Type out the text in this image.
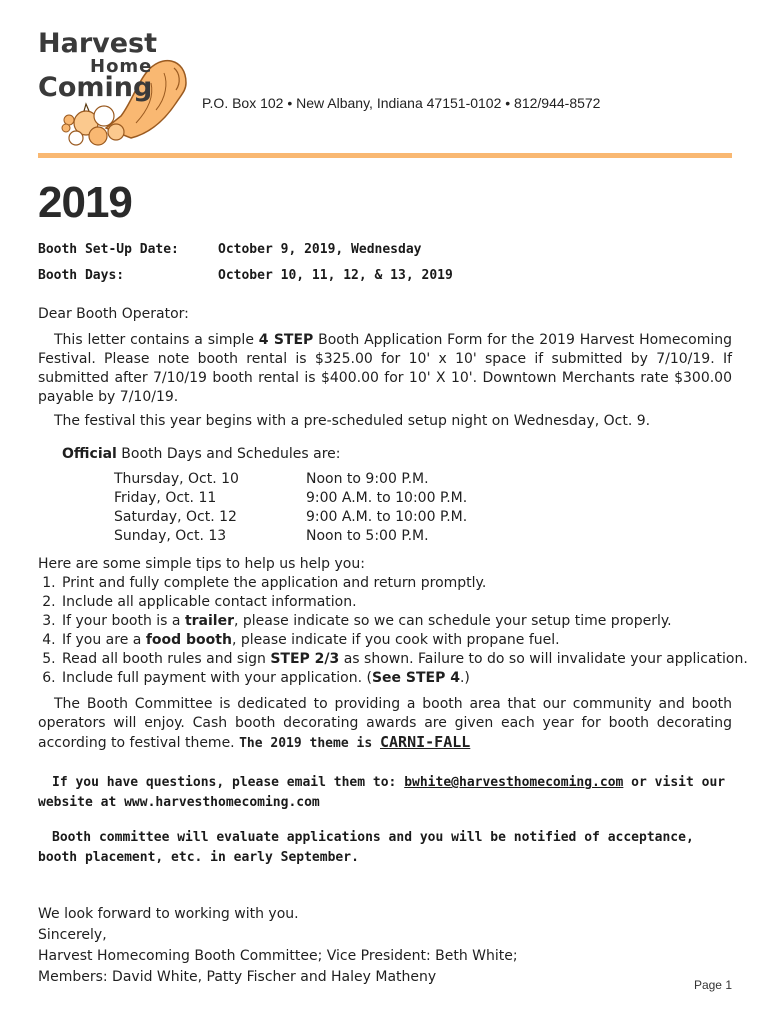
Harvest
Home
Coming	P.O. Box 102 • New Albany, Indiana 47151-0102 • 812/944-8572
2019
Booth Set-Up Date:	October 9, 2019, Wednesday
Booth Days:	October 10, 11, 12, & 13, 2019
Dear Booth Operator:
This letter contains a simple 4 STEP Booth Application Form for the 2019 Harvest Homecoming Festival. Please note booth rental is $325.00 for 10' x 10' space if submitted by 7/10/19. If submitted after 7/10/19 booth rental is $400.00 for 10' X 10'. Downtown Merchants rate $300.00 payable by 7/10/19.
The festival this year begins with a pre-scheduled setup night on Wednesday, Oct. 9.
Official Booth Days and Schedules are:
Thursday, Oct. 10	Noon to 9:00 P.M.
Friday, Oct. 11	9:00 A.M. to 10:00 P.M.
Saturday, Oct. 12	9:00 A.M. to 10:00 P.M.
Sunday, Oct. 13	Noon to 5:00 P.M.
Here are some simple tips to help us help you:
1. Print and fully complete the application and return promptly.
2. Include all applicable contact information.
3. If your booth is a trailer, please indicate so we can schedule your setup time properly.
4. If you are a food booth, please indicate if you cook with propane fuel.
5. Read all booth rules and sign STEP 2/3 as shown. Failure to do so will invalidate your application.
6. Include full payment with your application. (See STEP 4.)
The Booth Committee is dedicated to providing a booth area that our community and booth operators will enjoy. Cash booth decorating awards are given each year for booth decorating according to festival theme. The 2019 theme is CARNI-FALL
If you have questions, please email them to: bwhite@harvesthomecoming.com or visit our website at www.harvesthomecoming.com
Booth committee will evaluate applications and you will be notified of acceptance, booth placement, etc. in early September.
We look forward to working with you.
Sincerely,
Harvest Homecoming Booth Committee; Vice President: Beth White;
Members: David White, Patty Fischer and Haley Matheny	Page 1
